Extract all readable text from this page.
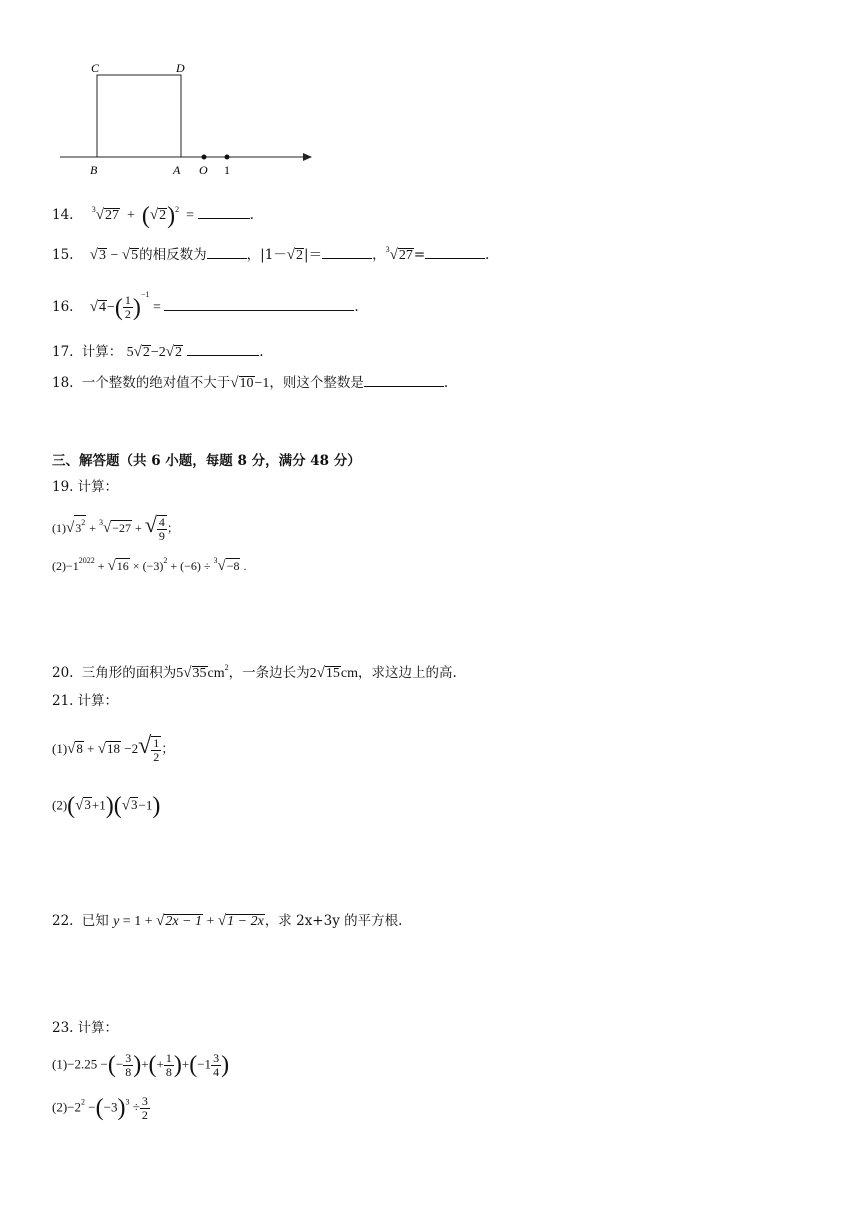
C	D
B	A O 1
14. $^3√27 + (√2)^2$ =	.
15. √3 − √5的相反数为	，|1－√2|＝	，$^3$√27=	.
16. $√4-( \frac{1}{2} )^{-1}$ =	.
17. 计算： 5√2−2√2	.
18. 一个整数的绝对值不大于√10−1，则这个整数是	.
三、解答题（共 6 小题，每题 8 分，满分 48 分）
19. 计算：
$(1)√3^2 + ^3√-27$ + √ $\frac{4}{9}$ ；
$(2)-1^{2022} + √16 \times (-3)^2 + (-6) \div ^3√-8$ .
20. 三角形的面积为$5√35cm^2$，一条边长为2√15cm，求这边上的高.
21. 计算：
$(1)√8 + √18 -2√ \frac{1}{2}$ ；
(2)(√3+1)(√3−1)
22. 已知 y = 1 + √2x − 1 + √1 − 2x，求 2x+3y 的平方根.
23. 计算：
(1)−2.25 −(− $\frac{3}{8}$ )+(+ $\frac{1}{8} )+(-1 \frac{3}{4}$ )
$(2)-2^2 -(-3)^3 \div \frac{3}{2}$
